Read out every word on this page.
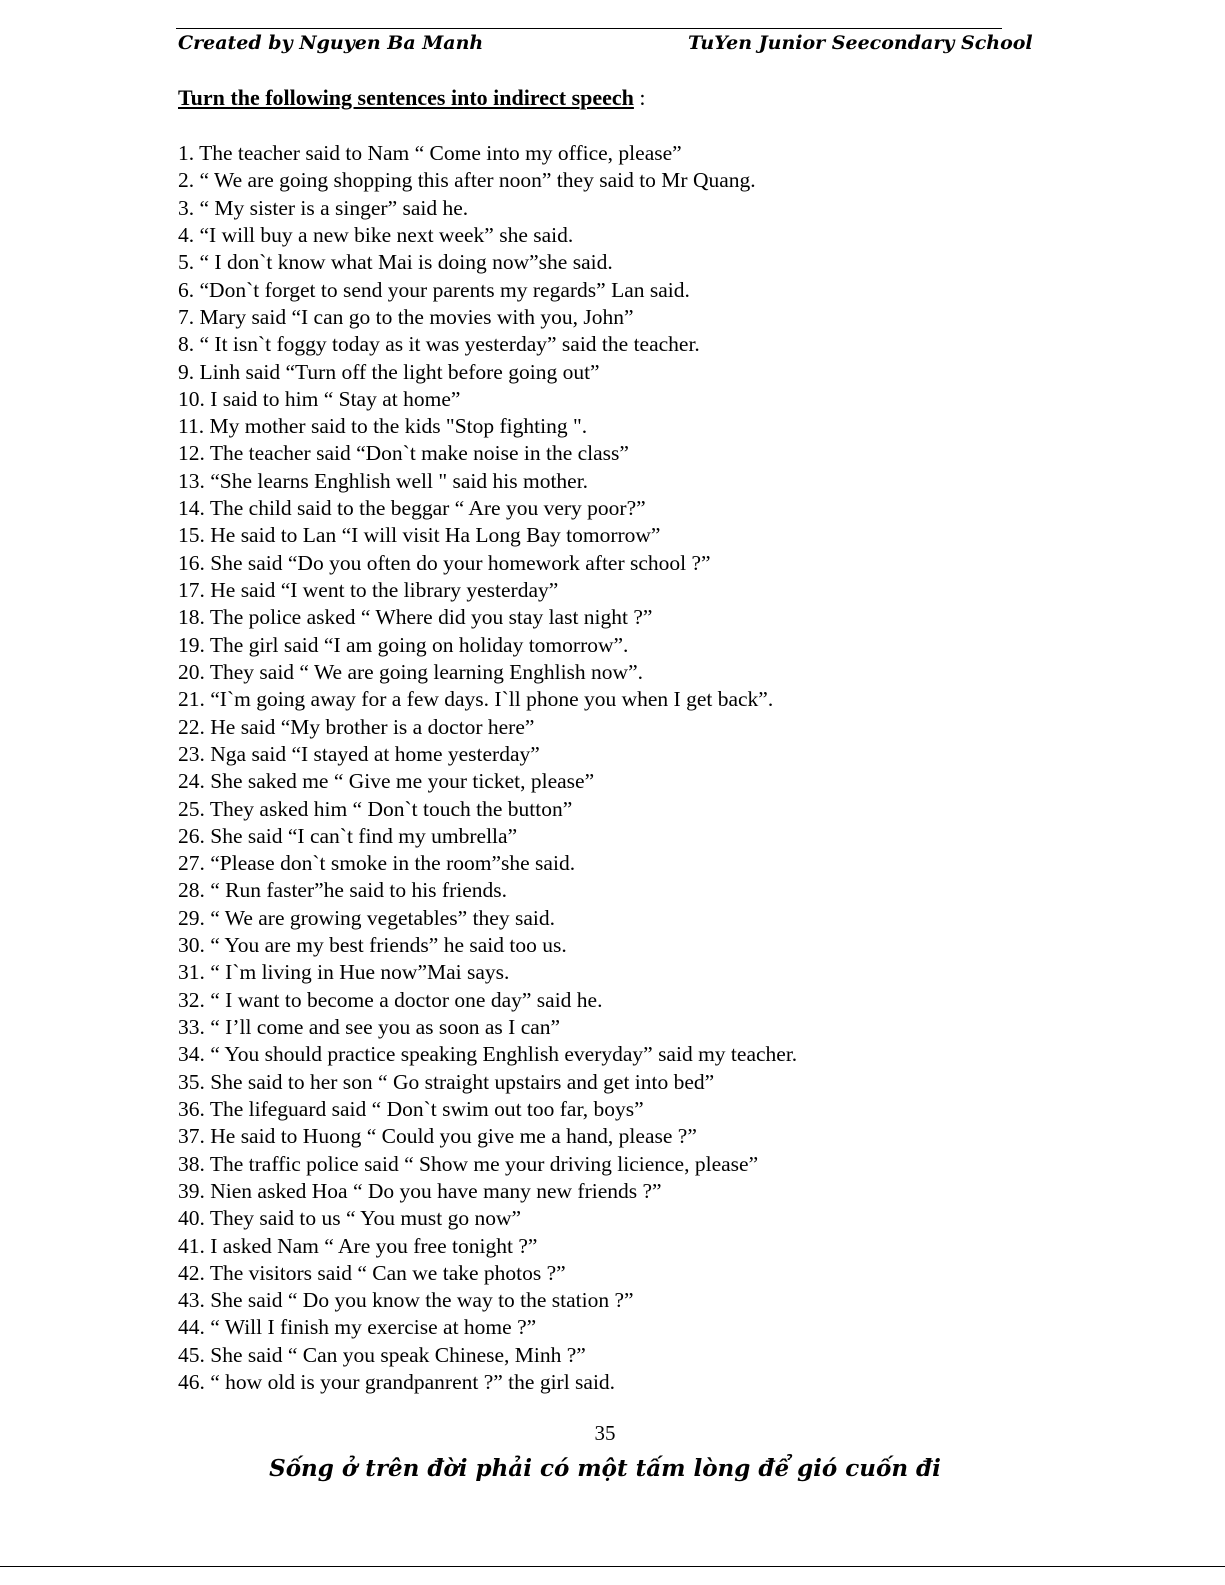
Created by Nguyen Ba Manh	TuYen Junior Seecondary School
Turn the following sentences into indirect speech :
1. The teacher said to Nam “ Come into my office, please”
2. “ We are going shopping this after noon” they said to Mr Quang.
3. “ My sister is a singer” said he.
4. “I will buy a new bike next week” she said.
5. “ I don`t know what Mai is doing now”she said.
6. “Don`t forget to send your parents my regards” Lan said.
7. Mary said “I can go to the movies with you, John”
8. “ It isn`t foggy today as it was yesterday” said the teacher.
9. Linh said “Turn off the light before going out”
10. I said to him “ Stay at home”
11. My mother said to the kids "Stop fighting ".
12. The teacher said “Don`t make noise in the class”
13. “She learns Enghlish well " said his mother.
14. The child said to the beggar “ Are you very poor?”
15. He said to Lan “I will visit Ha Long Bay tomorrow”
16. She said “Do you often do your homework after school ?”
17. He said “I went to the library yesterday”
18. The police asked “ Where did you stay last night ?”
19. The girl said “I am going on holiday tomorrow”.
20. They said “ We are going learning Enghlish now”.
21. “I`m going away for a few days. I`ll phone you when I get back”.
22. He said “My brother is a doctor here”
23. Nga said “I stayed at home yesterday”
24. She saked me “ Give me your ticket, please”
25. They asked him “ Don`t touch the button”
26. She said “I can`t find my umbrella”
27. “Please don`t smoke in the room”she said.
28. “ Run faster”he said to his friends.
29. “ We are growing vegetables” they said.
30. “ You are my best friends” he said too us.
31. “ I`m living in Hue now”Mai says.
32. “ I want to become a doctor one day” said he.
33. “ I’ll come and see you as soon as I can”
34. “ You should practice speaking Enghlish everyday” said my teacher.
35. She said to her son “ Go straight upstairs and get into bed”
36. The lifeguard said “ Don`t swim out too far, boys”
37. He said to Huong “ Could you give me a hand, please ?”
38. The traffic police said “ Show me your driving licience, please”
39. Nien asked Hoa “ Do you have many new friends ?”
40. They said to us “ You must go now”
41. I asked Nam “ Are you free tonight ?”
42. The visitors said “ Can we take photos ?”
43. She said “ Do you know the way to the station ?”
44. “ Will I finish my exercise at home ?”
45. She said “ Can you speak Chinese, Minh ?”
46. “ how old is your grandpanrent ?” the girl said.
35
Sống ở trên đời phải có một tấm lòng để gió cuốn đi
